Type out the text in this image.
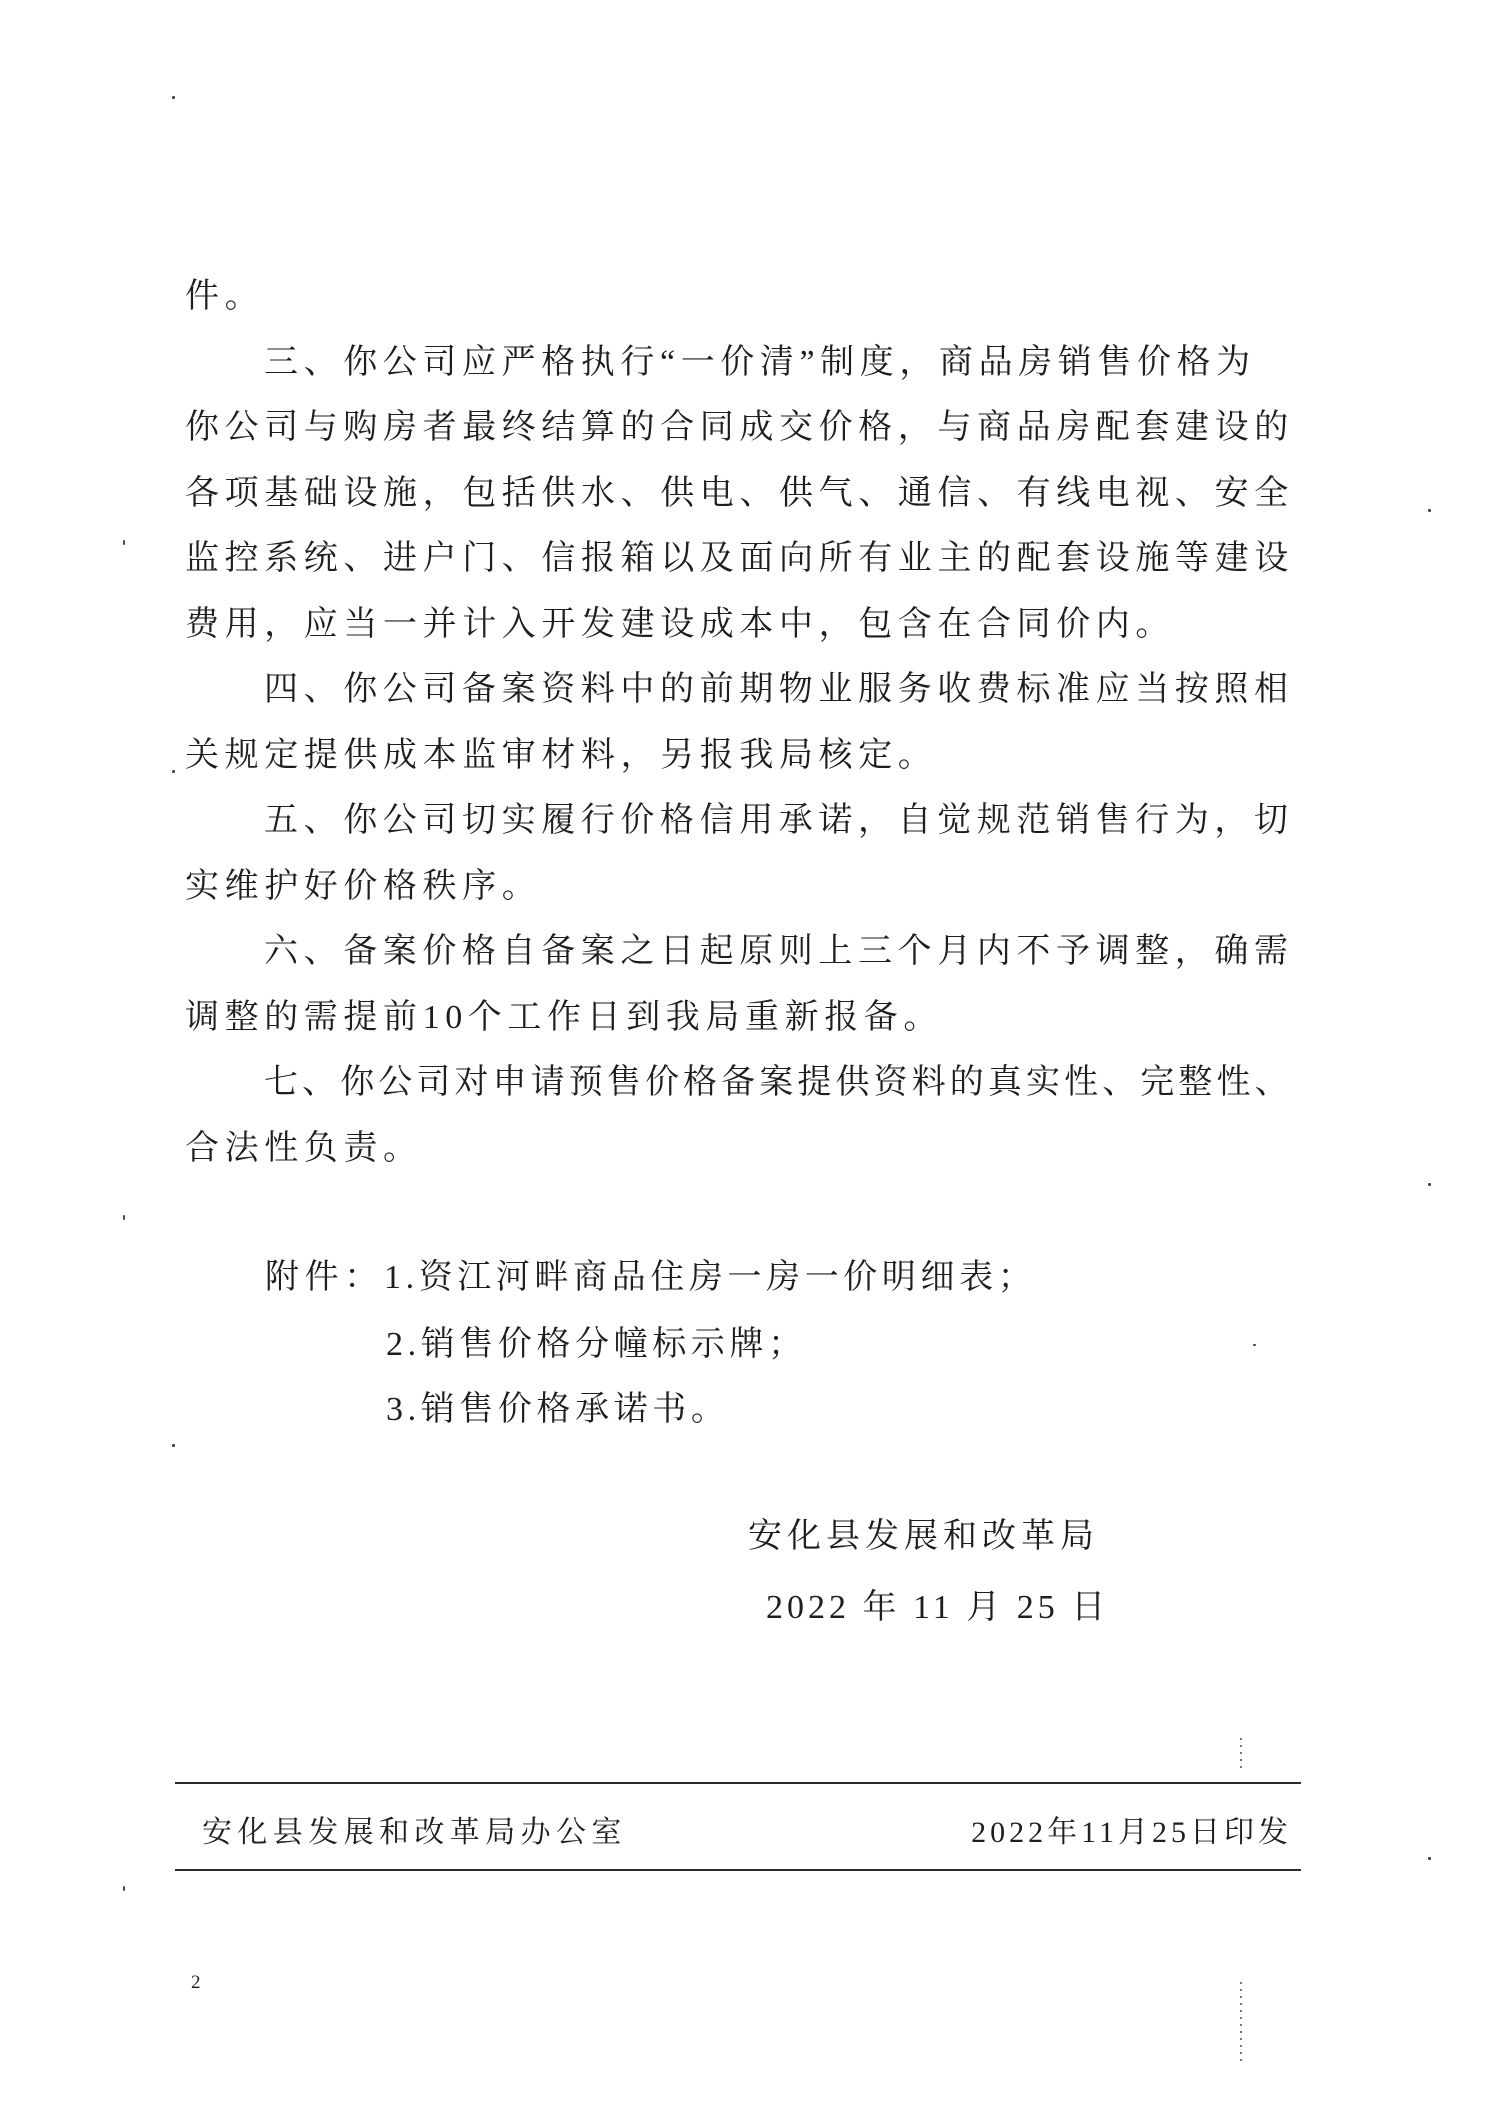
件。
三、你公司应严格执行“一价清”制度，商品房销售价格为
你公司与购房者最终结算的合同成交价格，与商品房配套建设的
各项基础设施，包括供水、供电、供气、通信、有线电视、安全
监控系统、进户门、信报箱以及面向所有业主的配套设施等建设
费用，应当一并计入开发建设成本中，包含在合同价内。
四、你公司备案资料中的前期物业服务收费标准应当按照相
关规定提供成本监审材料，另报我局核定。
五、你公司切实履行价格信用承诺，自觉规范销售行为，切
实维护好价格秩序。
六、备案价格自备案之日起原则上三个月内不予调整，确需
调整的需提前10个工作日到我局重新报备。
七、你公司对申请预售价格备案提供资料的真实性、完整性、
合法性负责。
附件： 1.资江河畔商品住房一房一价明细表；
2.销售价格分幢标示牌；
3.销售价格承诺书。
安化县发展和改革局
2022 年 11 月 25 日
安化县发展和改革局办公室	2022年11月25日印发
2
